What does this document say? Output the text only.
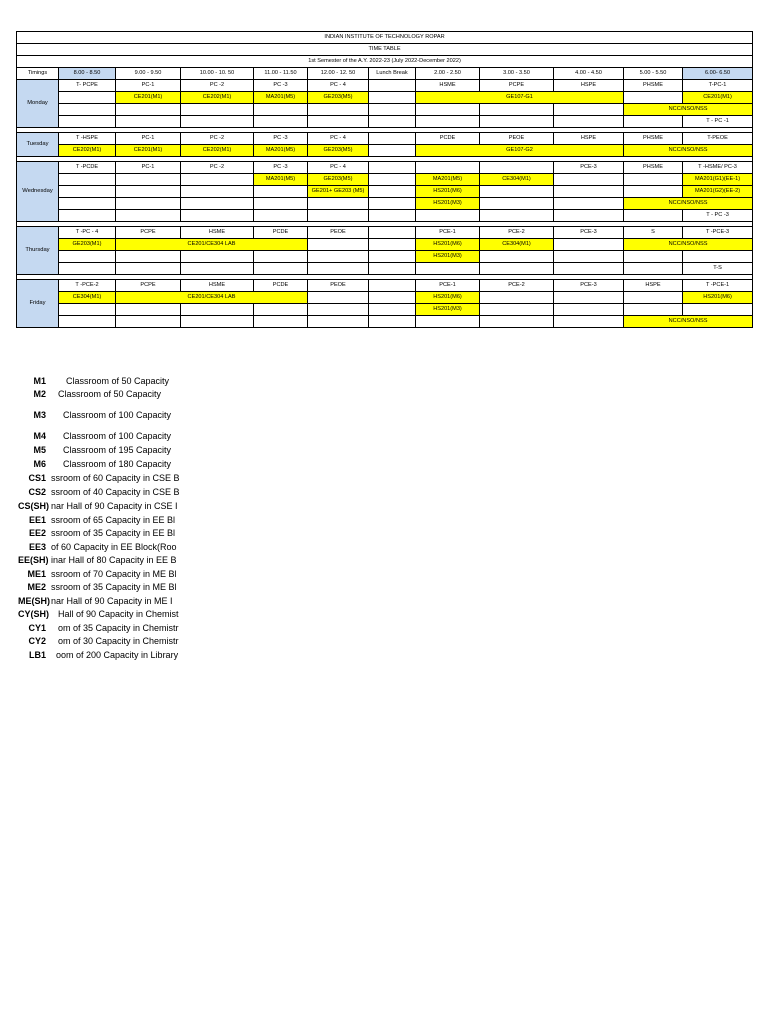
INDIAN INSTITUTE OF TECHNOLOGY ROPAR											
TIME TABLE											
1st Semester of the A.Y. 2022-23 (July 2022-December 2022)											
Timings	8.00 - 8.50	9.00 - 9.50	10.00 - 10. 50	11.00 - 11.50	12.00 - 12. 50	Lunch Break	2.00 - 2.50	3.00 - 3.50	4.00 - 4.50	5.00 - 5.50	6.00- 6.50
Monday	T- PCPE	PC-1	PC -2	PC -3	PC - 4		HSME	PCPE	HSPE	PHSME	T-PC-1
		CE201(M1)	CE202(M1)	MA201(M5)	GE203(M5)		GE107-G1				CE201(M1)
										NCC/NSO/NSS	
											T - PC -1

Tuesday	T -HSPE	PC-1	PC -2	PC -3	PC - 4		PCDE	PEOE	HSPE	PHSME	T-PEOE
	CE202(M1)	CE201(M1)	CE202(M1)	MA201(M5)	GE203(M5)		GE107-G2			NCC/NSO/NSS	

Wednesday	T -PCDE	PC-1	PC -2	PC -3	PC - 4				PCE-3	PHSME	T -HSME/ PC-3
				MA201(M5)	GE203(M5)		MA201(M5)	CE304(M1)			MA201(G1)(EE-1)
					GE201+ GE203 (M5)		HS201(M6)				MA201(G2)(EE-2)
							HS201(M3)			NCC/NSO/NSS	
											T - PC -3

Thursday	T -PC - 4	PCPE	HSME	PCDE	PEOE		PCE-1	PCE-2	PCE-3	S	T -PCE-3
	GE203(M1)	CE201/CE304 LAB					HS201(M6)	CE304(M1)		NCC/NSO/NSS	
							HS201(M3)				
											T-S

Friday	T -PCE-2	PCPE	HSME	PCDE	PEOE		PCE-1	PCE-2	PCE-3	HSPE	T -PCE-1
	CE304(M1)	CE201/CE304 LAB					HS201(M6)				HS201(M6)
							HS201(M3)				
										NCC/NSO/NSS	
M1 Classroom of 50 Capacity
M2 Classroom of 50 Capacity
M3 Classroom of 100 Capacity
M4 Classroom of 100 Capacity
M5 Classroom of 195 Capacity
M6 Classroom of 180 Capacity
CS1 ssroom of 60 Capacity in CSE B
CS2 ssroom of 40 Capacity in CSE B
CS(SH) nar Hall of 90 Capacity in CSE I
EE1 ssroom of 65 Capacity in EE Bl
EE2 ssroom of 35 Capacity in EE Bl
EE3 of 60 Capacity in EE Block(Roo
EE(SH) inar Hall of 80 Capacity in EE B
ME1 ssroom of 70 Capacity in ME Bl
ME2 ssroom of 35 Capacity in ME Bl
ME(SH) nar Hall of 90 Capacity in ME I
CY(SH) Hall of 90 Capacity in Chemist
CY1 om of 35 Capacity in Chemistr
CY2 om of 30 Capacity in Chemistr
LB1 oom of 200 Capacity in Library
